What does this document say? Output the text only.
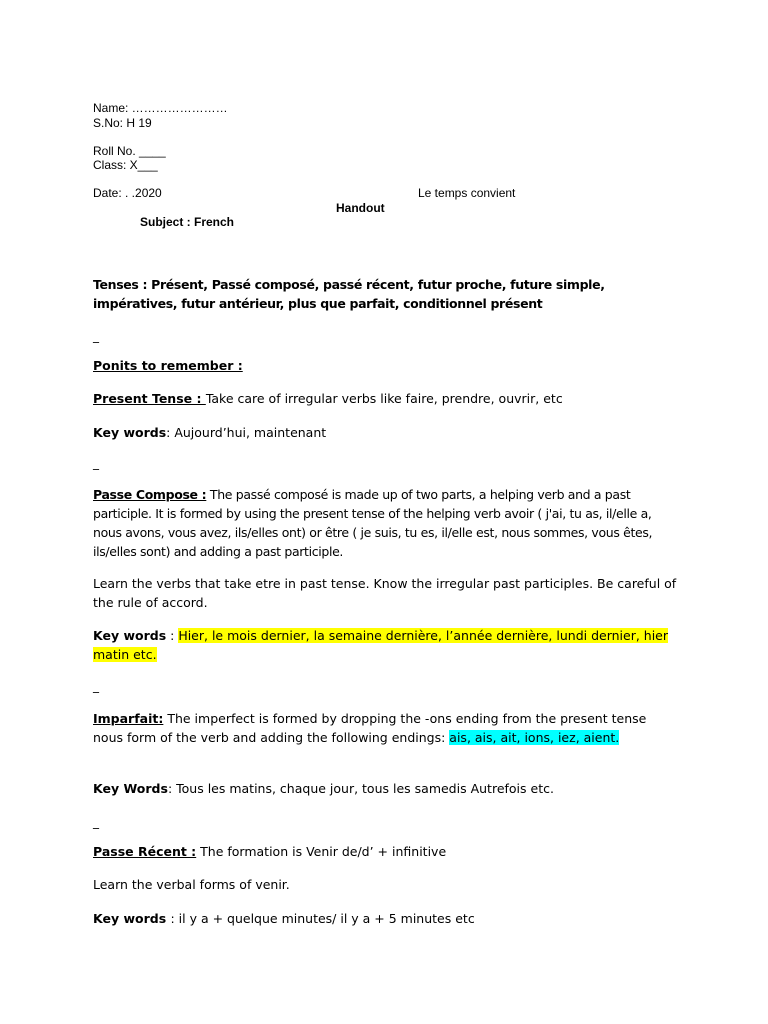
Name: ……………………
S.No: H 19
Roll No. ____
Class: X___
Date: . .2020	Le temps convient
Handout
Subject : French
Tenses : Présent, Passé composé, passé récent, futur proche, future simple, impératives, futur antérieur, plus que parfait, conditionnel présent
_
Ponits to remember :
Present Tense : Take care of irregular verbs like faire, prendre, ouvrir, etc
Key words: Aujourd’hui, maintenant
_
Passe Compose : The passé composé is made up of two parts, a helping verb and a past participle. It is formed by using the present tense of the helping verb avoir ( j'ai, tu as, il/elle a, nous avons, vous avez, ils/elles ont) or être ( je suis, tu es, il/elle est, nous sommes, vous êtes, ils/elles sont) and adding a past participle.
Learn the verbs that take etre in past tense. Know the irregular past participles. Be careful of the rule of accord.
Key words : Hier, le mois dernier, la semaine dernière, l’année dernière, lundi dernier, hier matin etc.
_
Imparfait: The imperfect is formed by dropping the -ons ending from the present tense nous form of the verb and adding the following endings: ais, ais, ait, ions, iez, aient.
Key Words: Tous les matins, chaque jour, tous les samedis Autrefois etc.
_
Passe Récent : The formation is Venir de/d’ + infinitive
Learn the verbal forms of venir.
Key words : il y a + quelque minutes/ il y a + 5 minutes etc
